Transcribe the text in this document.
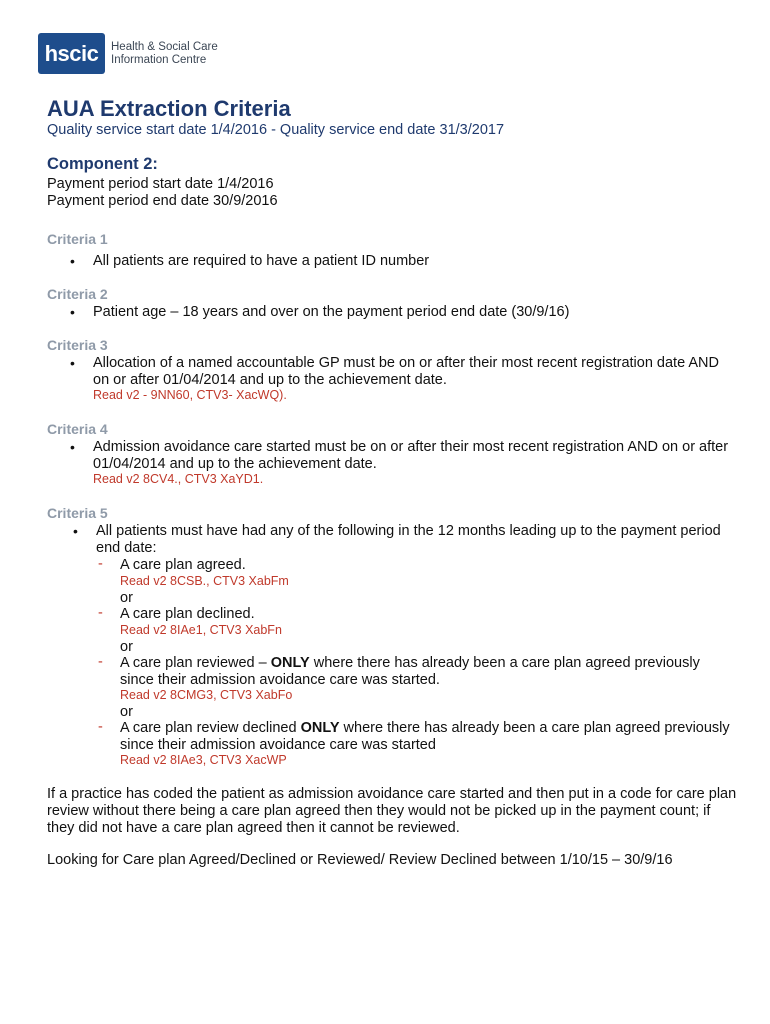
hscic	Health & Social Care
Information Centre
AUA Extraction Criteria
Quality service start date 1/4/2016 - Quality service end date 31/3/2017
Component 2:
Payment period start date 1/4/2016
Payment period end date 30/9/2016
Criteria 1
• All patients are required to have a patient ID number
Criteria 2
• Patient age – 18 years and over on the payment period end date (30/9/16)
Criteria 3
• Allocation of a named accountable GP must be on or after their most recent registration date AND on or after 01/04/2014 and up to the achievement date.
Read v2 - 9NN60, CTV3- XacWQ).
Criteria 4
• Admission avoidance care started must be on or after their most recent registration AND on or after 01/04/2014 and up to the achievement date.
Read v2 8CV4., CTV3 XaYD1.
Criteria 5
• All patients must have had any of the following in the 12 months leading up to the payment period end date:
- A care plan agreed.
Read v2 8CSB., CTV3 XabFm
or
- A care plan declined.
Read v2 8IAe1, CTV3 XabFn
or
- A care plan reviewed – ONLY where there has already been a care plan agreed previously since their admission avoidance care was started.
Read v2 8CMG3, CTV3 XabFo
or
- A care plan review declined ONLY where there has already been a care plan agreed previously since their admission avoidance care was started
Read v2 8IAe3, CTV3 XacWP
If a practice has coded the patient as admission avoidance care started and then put in a code for care plan review without there being a care plan agreed then they would not be picked up in the payment count; if they did not have a care plan agreed then it cannot be reviewed.
Looking for Care plan Agreed/Declined or Reviewed/ Review Declined between 1/10/15 – 30/9/16
